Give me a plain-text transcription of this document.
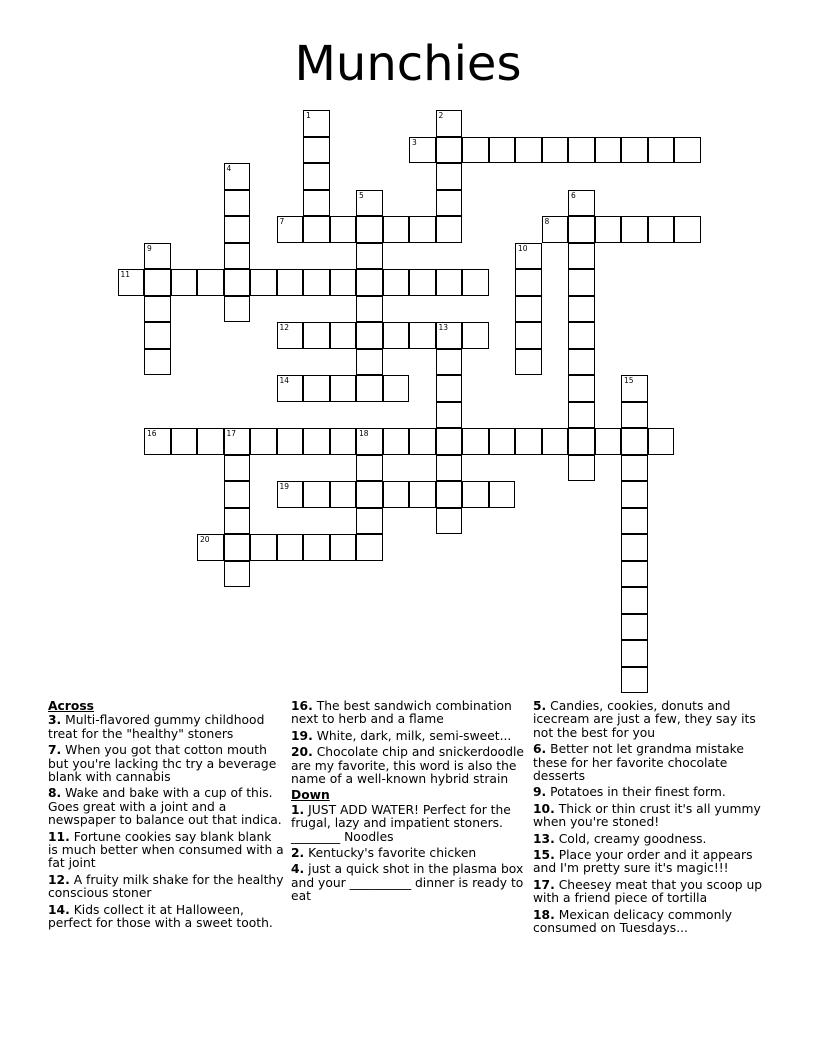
Munchies
1	2
3
4
5	6
7	8
9	10
11
12	13
14	15
16	17	18
19
20
Across
3. Multi-flavored gummy childhood treat for the "healthy" stoners
7. When you got that cotton mouth but you're lacking thc try a beverage blank with cannabis
8. Wake and bake with a cup of this. Goes great with a joint and a newspaper to balance out that indica.
11. Fortune cookies say blank blank is much better when consumed with a fat joint
12. A fruity milk shake for the healthy conscious stoner
14. Kids collect it at Halloween, perfect for those with a sweet tooth.
16. The best sandwich combination next to herb and a flame
19. White, dark, milk, semi-sweet...
20. Chocolate chip and snickerdoodle are my favorite, this word is also the name of a well-known hybrid strain
Down
1. JUST ADD WATER! Perfect for the frugal, lazy and impatient stoners. ________ Noodles
2. Kentucky's favorite chicken
4. just a quick shot in the plasma box and your __________ dinner is ready to eat
5. Candies, cookies, donuts and icecream are just a few, they say its not the best for you
6. Better not let grandma mistake these for her favorite chocolate desserts
9. Potatoes in their finest form.
10. Thick or thin crust it's all yummy when you're stoned!
13. Cold, creamy goodness.
15. Place your order and it appears and I'm pretty sure it's magic!!!
17. Cheesey meat that you scoop up with a friend piece of tortilla
18. Mexican delicacy commonly consumed on Tuesdays...
